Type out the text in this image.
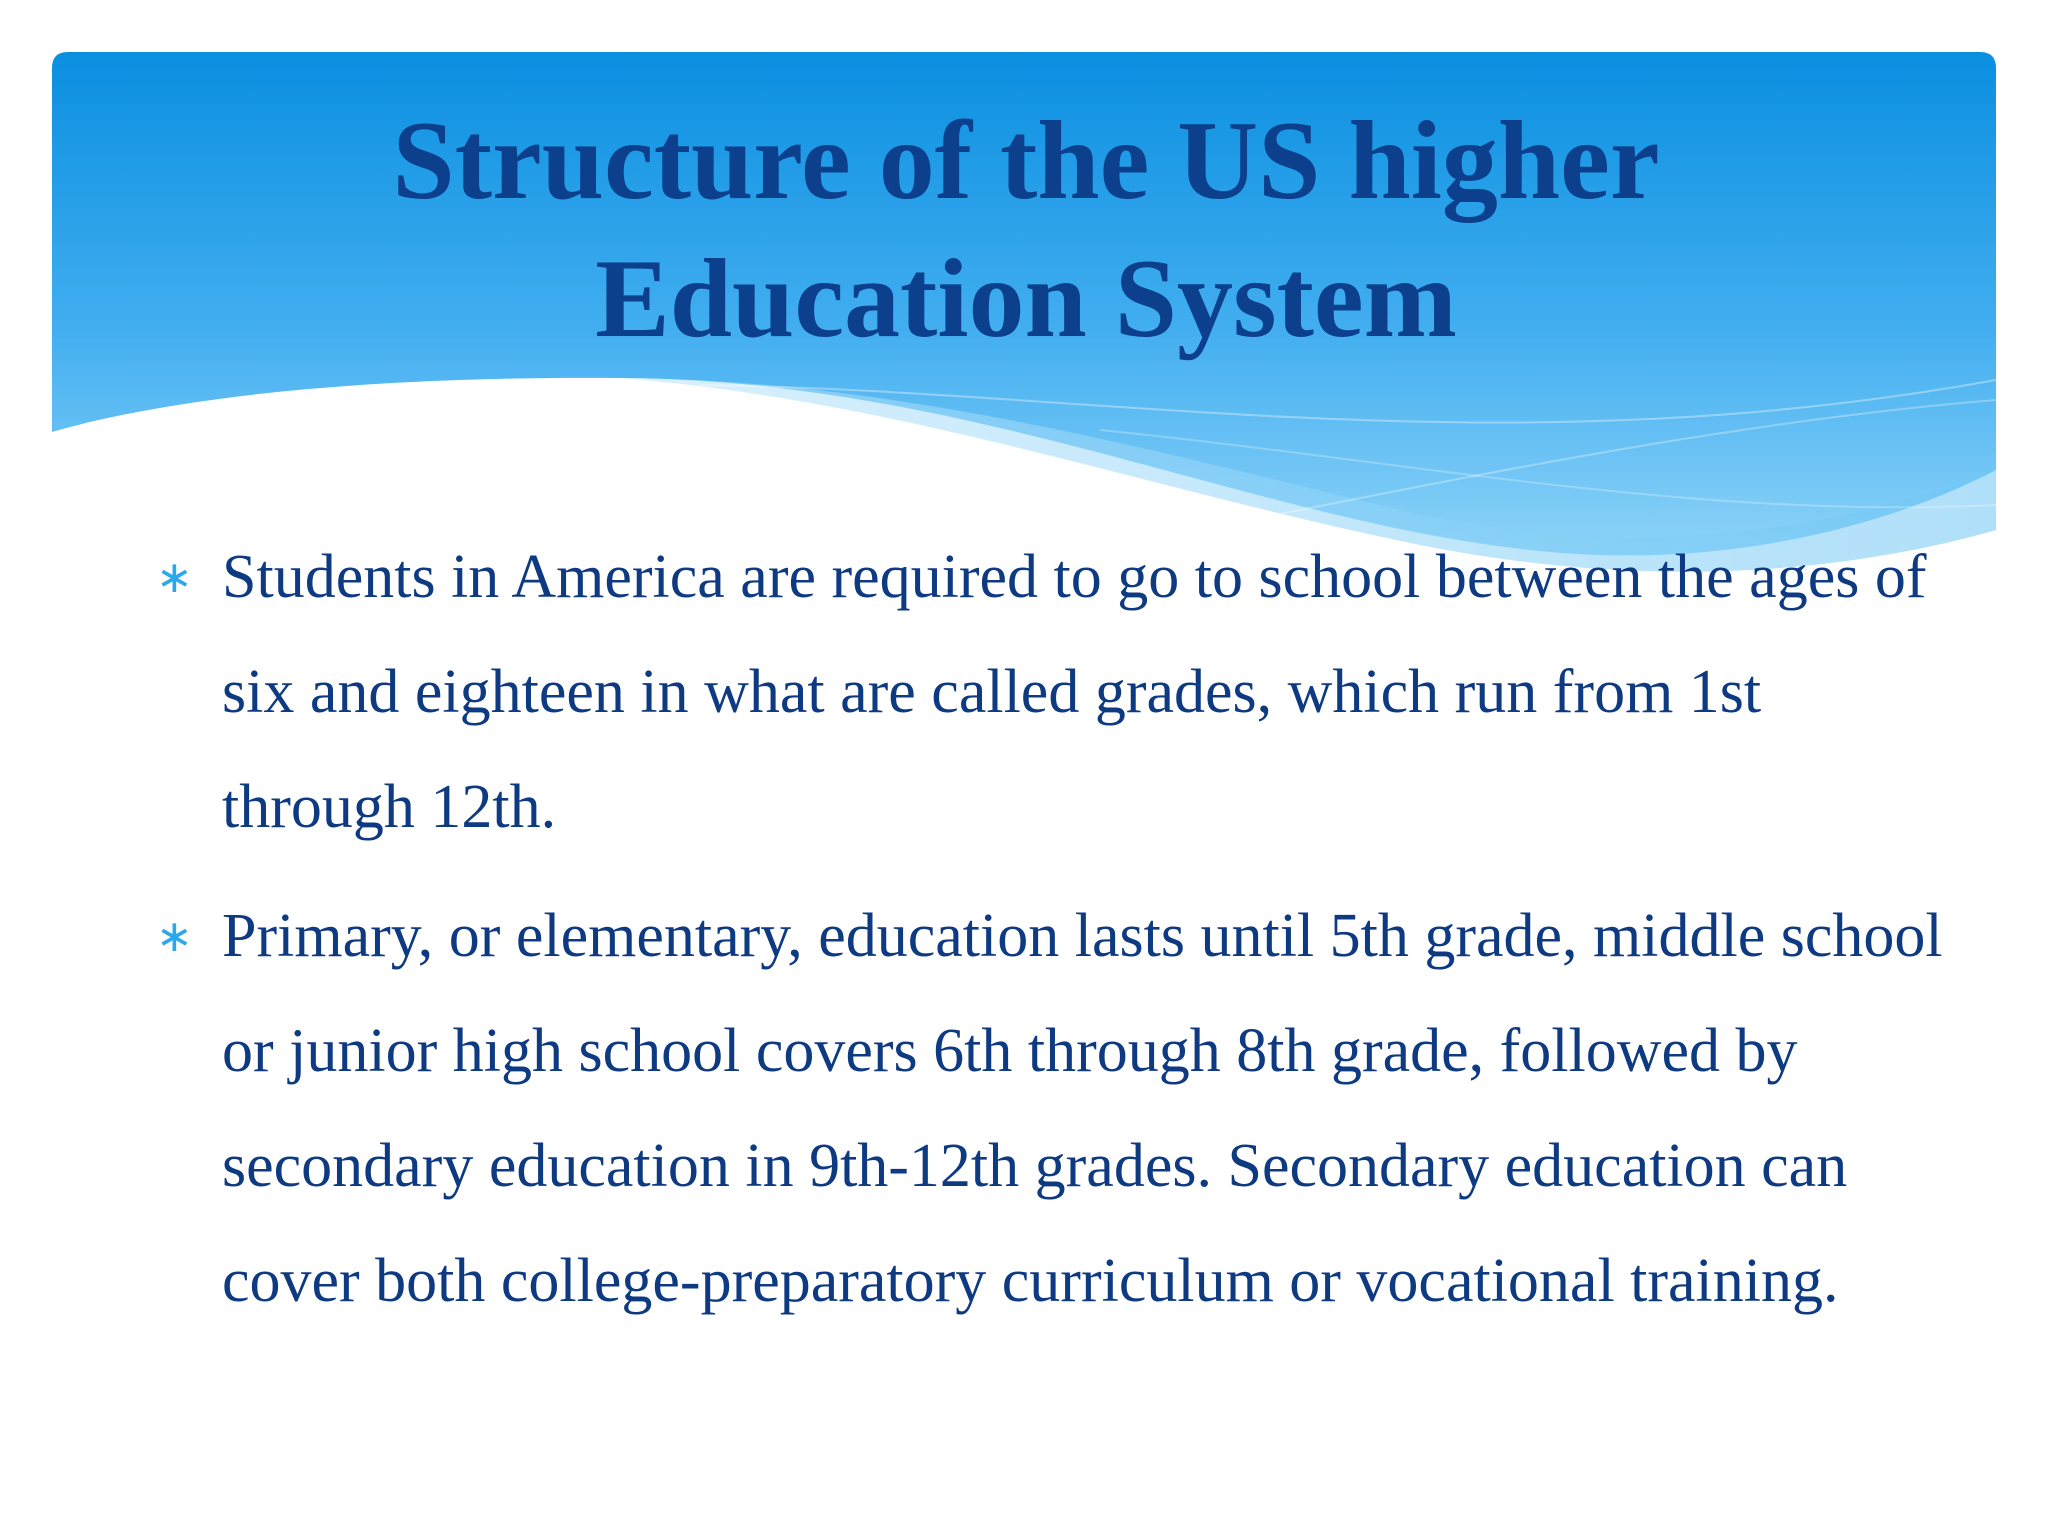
Structure of the US higher
Education System
∗ Students in America are required to go to school between the ages of six and eighteen in what are called grades, which run from 1st through 12th.
∗ Primary, or elementary, education lasts until 5th grade, middle school or junior high school covers 6th through 8th grade, followed by secondary education in 9th-12th grades. Secondary education can cover both college-preparatory curriculum or vocational training.
